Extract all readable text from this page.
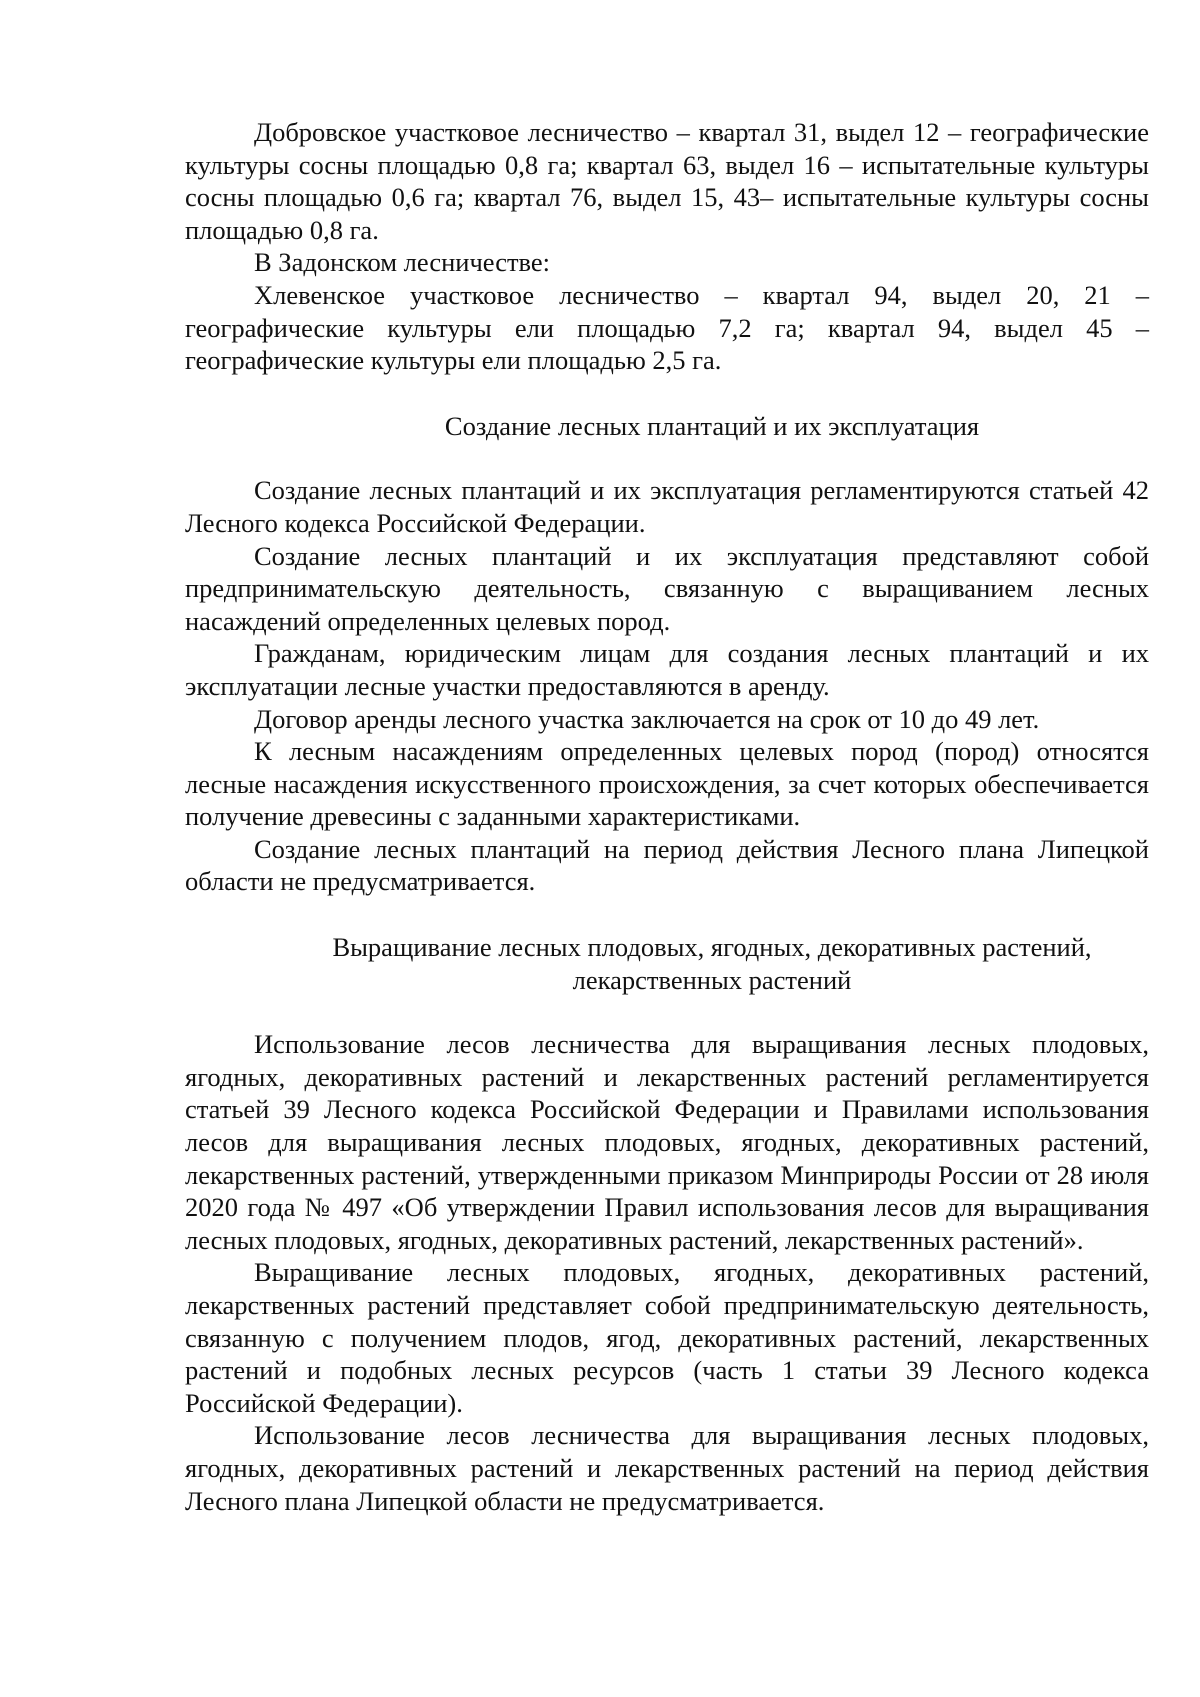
Добровское участковое лесничество – квартал 31, выдел 12 – географические культуры сосны площадью 0,8 га; квартал 63, выдел 16 – испытательные культуры сосны площадью 0,6 га; квартал 76, выдел 15, 43– испытательные культуры сосны площадью 0,8 га.

В Задонском лесничестве:

Хлевенское участковое лесничество – квартал 94, выдел 20, 21 – географические культуры ели площадью 7,2 га; квартал 94, выдел 45 – географические культуры ели площадью 2,5 га.

Создание лесных плантаций и их эксплуатация

Создание лесных плантаций и их эксплуатация регламентируются статьей 42 Лесного кодекса Российской Федерации.

Создание лесных плантаций и их эксплуатация представляют собой предпринимательскую деятельность, связанную с выращиванием лесных насаждений определенных целевых пород.

Гражданам, юридическим лицам для создания лесных плантаций и их эксплуатации лесные участки предоставляются в аренду.

Договор аренды лесного участка заключается на срок от 10 до 49 лет.

К лесным насаждениям определенных целевых пород (пород) относятся лесные насаждения искусственного происхождения, за счет которых обеспечивается получение древесины с заданными характеристиками.

Создание лесных плантаций на период действия Лесного плана Липецкой области не предусматривается.

Выращивание лесных плодовых, ягодных, декоративных растений,

лекарственных растений

Использование лесов лесничества для выращивания лесных плодовых, ягодных, декоративных растений и лекарственных растений регламентируется статьей 39 Лесного кодекса Российской Федерации и Правилами использования лесов для выращивания лесных плодовых, ягодных, декоративных растений, лекарственных растений, утвержденными приказом Минприроды России от 28 июля 2020 года № 497 «Об утверждении Правил использования лесов для выращивания лесных плодовых, ягодных, декоративных растений, лекарственных растений».

Выращивание лесных плодовых, ягодных, декоративных растений, лекарственных растений представляет собой предпринимательскую деятельность, связанную с получением плодов, ягод, декоративных растений, лекарственных растений и подобных лесных ресурсов (часть 1 статьи 39 Лесного кодекса Российской Федерации).

Использование лесов лесничества для выращивания лесных плодовых, ягодных, декоративных растений и лекарственных растений на период действия Лесного плана Липецкой области не предусматривается.
